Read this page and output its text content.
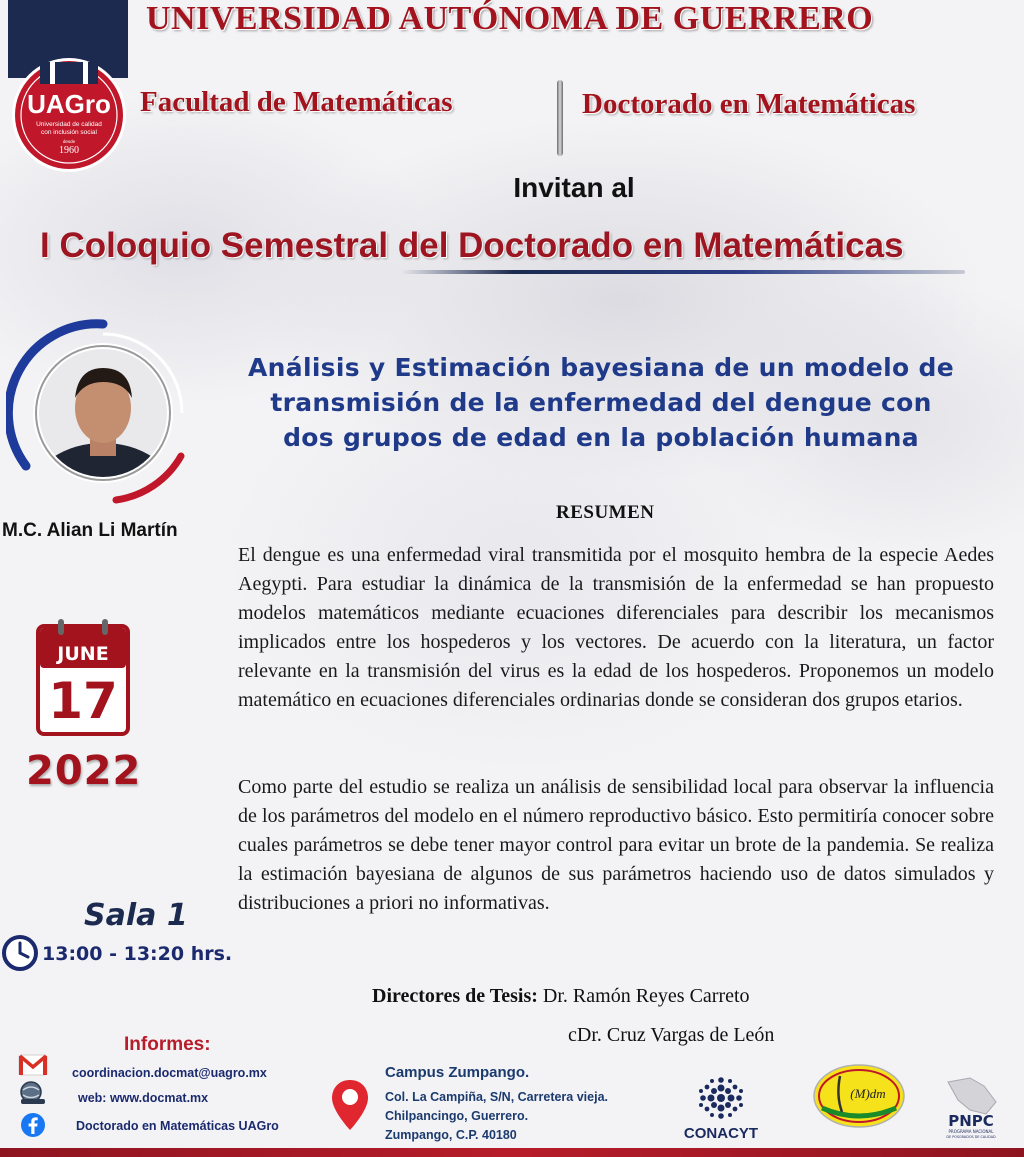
UNIVERSIDAD AUTÓNOMA DE GUERRERO
UAGro
Universidad de calidad
con inclusión social
desde
1960
Facultad de Matemáticas	Doctorado en Matemáticas
Invitan al
I Coloquio Semestral del Doctorado en Matemáticas
M.C. Alian Li Martín
Análisis y Estimación bayesiana de un modelo de
transmisión de la enfermedad del dengue con
dos grupos de edad en la población humana
RESUMEN

El dengue es una enfermedad viral transmitida por el mosquito hembra de la especie Aedes Aegypti. Para estudiar la dinámica de la transmisión de la enfermedad se han propuesto modelos matemáticos mediante ecuaciones diferenciales para describir los mecanismos implicados entre los hospederos y los vectores. De acuerdo con la literatura, un factor relevante en la transmisión del virus es la edad de los hospederos. Proponemos un modelo matemático en ecuaciones diferenciales ordinarias donde se consideran dos grupos etarios.

Como parte del estudio se realiza un análisis de sensibilidad local para observar la influencia de los parámetros del modelo en el número reproductivo básico. Esto permitiría conocer sobre cuales parámetros se debe tener mayor control para evitar un brote de la pandemia. Se realiza la estimación bayesiana de algunos de sus parámetros haciendo uso de datos simulados y distribuciones a priori no informativas.

JUNE
17
2022
Sala 1
13:00 - 13:20 hrs.
Directores de Tesis: Dr. Ramón Reyes Carreto
cDr. Cruz Vargas de León
Informes:
coordinacion.docmat@uagro.mx
web: www.docmat.mx
Doctorado en Matemáticas UAGro
Campus Zumpango.
Col. La Campiña, S/N, Carretera vieja.
Chilpancingo, Guerrero.
Zumpango, C.P. 40180	CONACYT
(M)dm
PNPC
PROGRAMA NACIONAL
DE POSGRADOS DE CALIDAD
